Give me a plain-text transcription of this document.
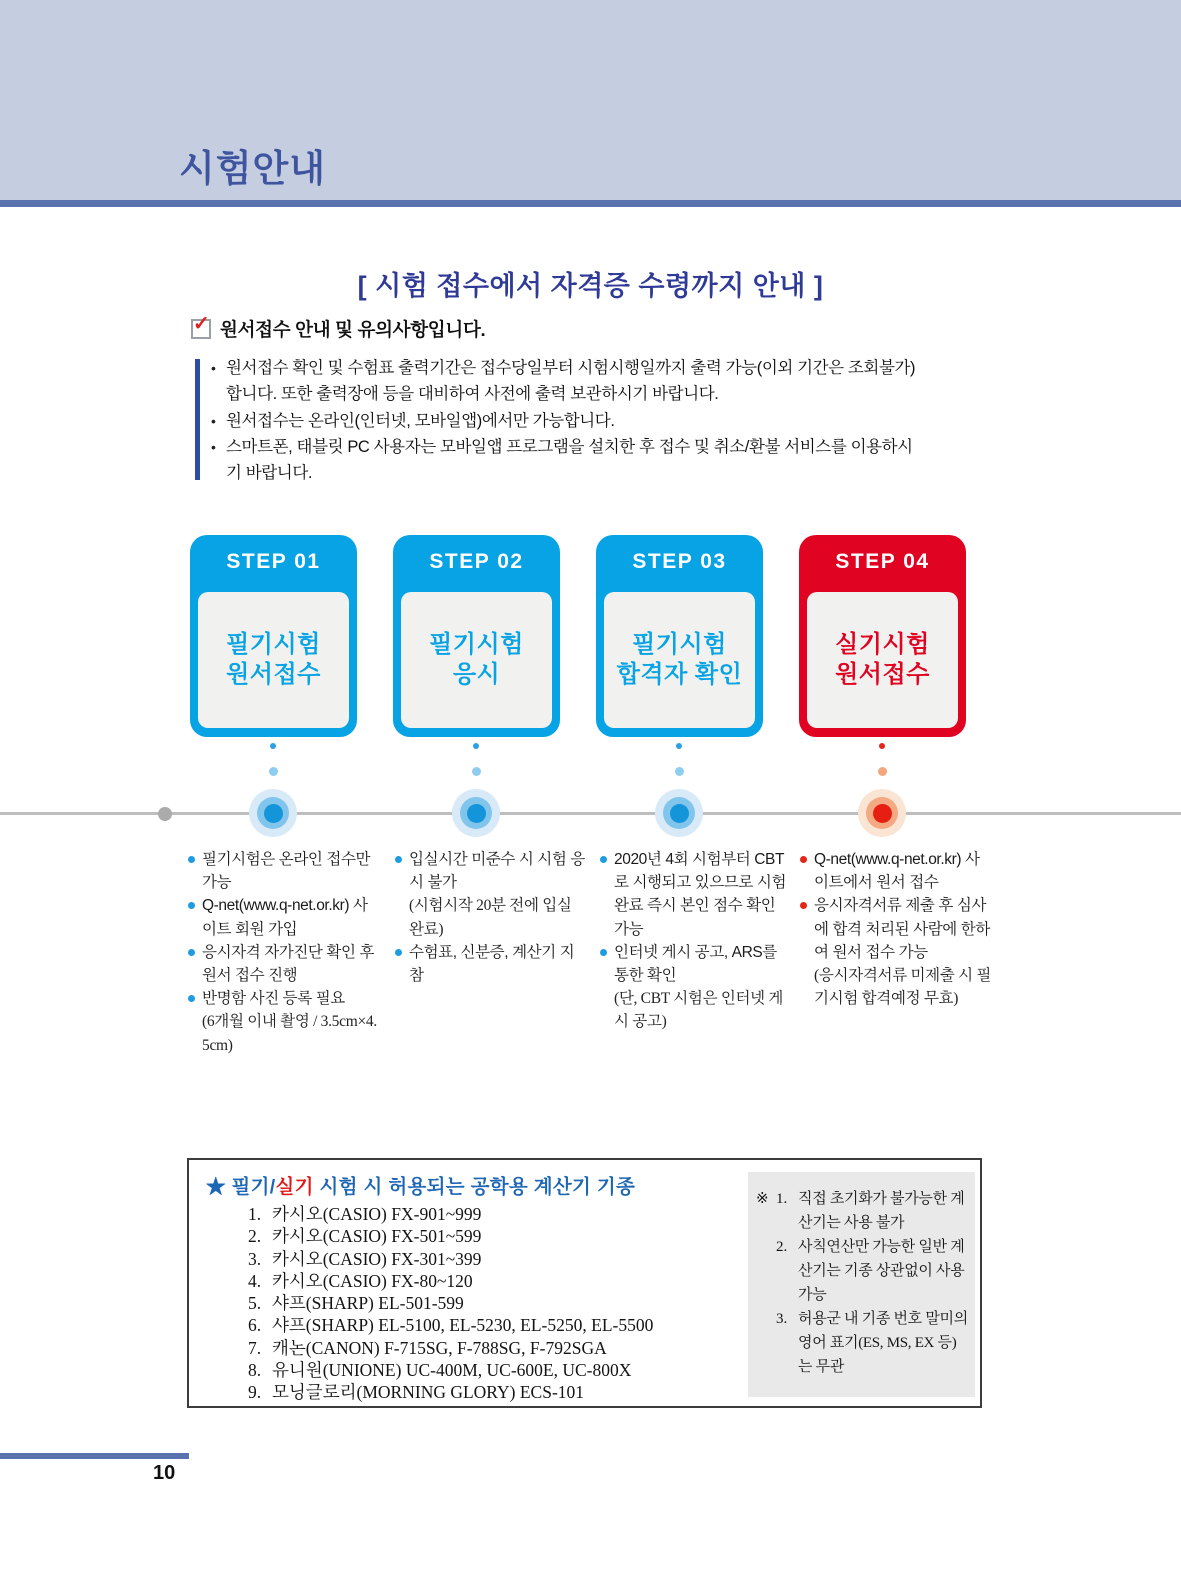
시험안내
[ 시험 접수에서 자격증 수령까지 안내 ]
✓ 원서접수 안내 및 유의사항입니다.
•
원서접수 확인 및 수험표 출력기간은 접수당일부터 시험시행일까지 출력 가능(이외 기간은 조회불가)합니다. 또한 출력장애 등을 대비하여 사전에 출력 보관하시기 바랍니다.
•
원서접수는 온라인(인터넷, 모바일앱)에서만 가능합니다.
•
스마트폰, 태블릿 PC 사용자는 모바일앱 프로그램을 설치한 후 접수 및 취소/환불 서비스를 이용하시기 바랍니다.
STEP 01
필기시험
원서접수
STEP 02
필기시험
응시
STEP 03
필기시험
합격자 확인
STEP 04
실기시험
원서접수
필기시험은 온라인 접수만 가능
Q-net(www.q-net.or.kr) 사이트 회원 가입
응시자격 자가진단 확인 후 원서 접수 진행
반명함 사진 등록 필요
(6개월 이내 촬영 / 3.5cm×4.5cm)
입실시간 미준수 시 시험 응시 불가
(시험시작 20분 전에 입실 완료)
수험표, 신분증, 계산기 지참
2020년 4회 시험부터 CBT로 시행되고 있으므로 시험 완료 즉시 본인 점수 확인 가능
인터넷 게시 공고, ARS를 통한 확인
(단, CBT 시험은 인터넷 게시 공고)
Q-net(www.q-net.or.kr) 사이트에서 원서 접수
응시자격서류 제출 후 심사에 합격 처리된 사람에 한하여 원서 접수 가능
(응시자격서류 미제출 시 필기시험 합격예정 무효)
★ 필기/실기 시험 시 허용되는 공학용 계산기 기종
1. 카시오(CASIO) FX-901~999
2. 카시오(CASIO) FX-501~599
3. 카시오(CASIO) FX-301~399
4. 카시오(CASIO) FX-80~120
5. 샤프(SHARP) EL-501-599
6. 샤프(SHARP) EL-5100, EL-5230, EL-5250, EL-5500
7. 캐논(CANON) F-715SG, F-788SG, F-792SGA
8. 유니원(UNIONE) UC-400M, UC-600E, UC-800X
9. 모닝글로리(MORNING GLORY) ECS-101
※ 1. 직접 초기화가 불가능한 계산기는 사용 불가
2. 사칙연산만 가능한 일반 계산기는 기종 상관없이 사용 가능
3. 허용군 내 기종 번호 말미의 영어 표기(ES, MS, EX 등)는 무관
10
